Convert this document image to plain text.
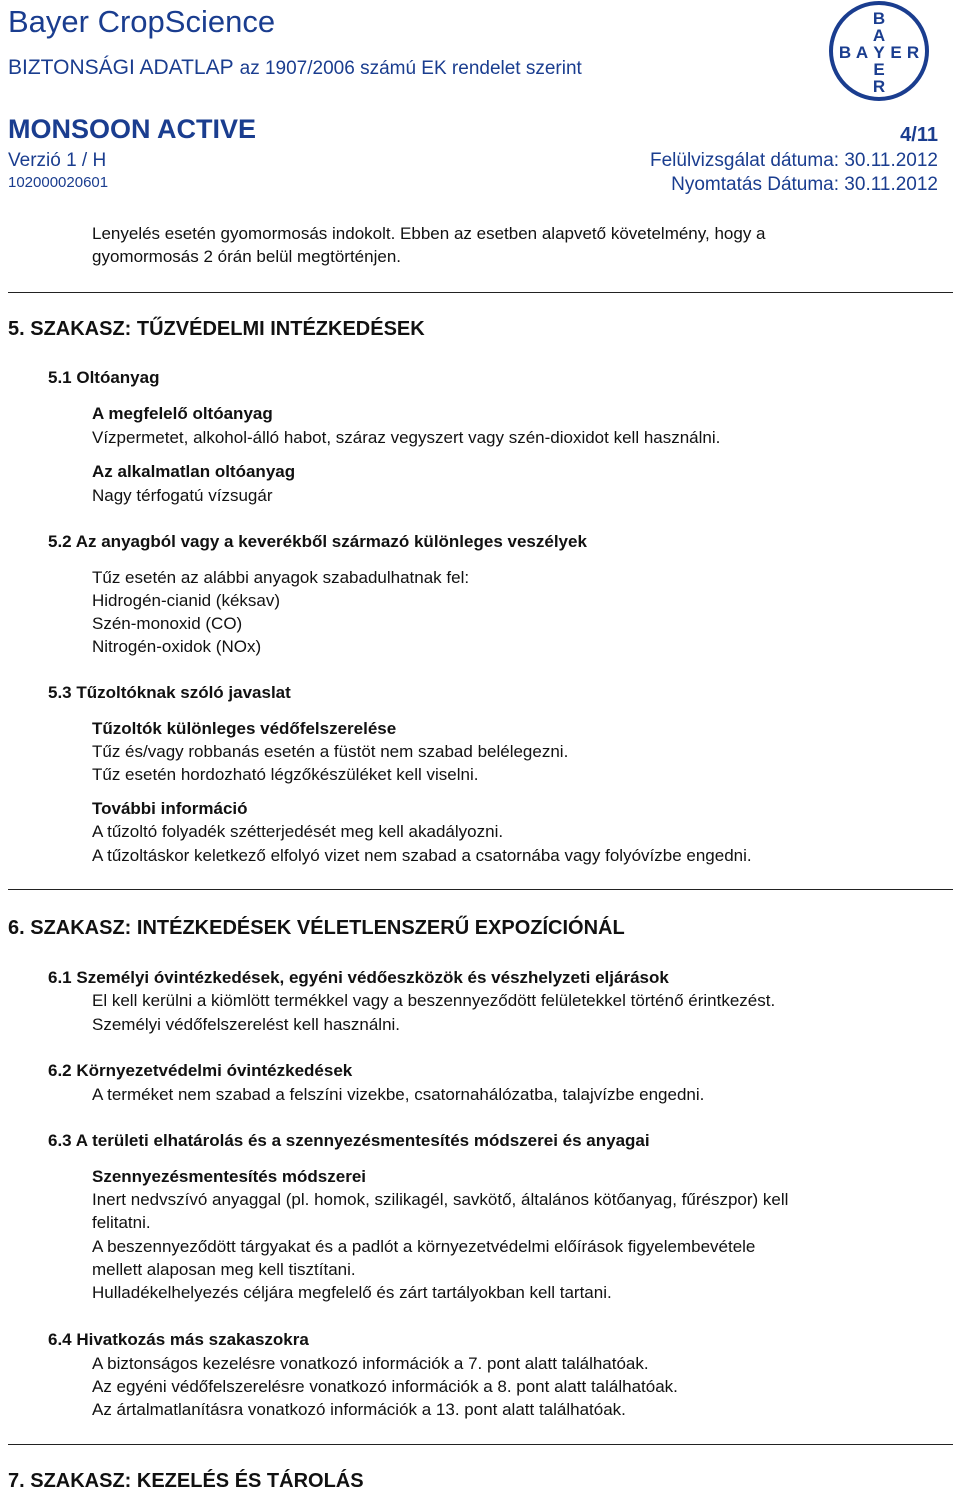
Bayer CropScience
BIZTONSÁGI ADATLAP az 1907/2006 számú EK rendelet szerint
MONSOON ACTIVE	4/11
Verzió 1 / H	Felülvizsgálat dátuma: 30.11.2012
102000020601	Nyomtatás Dátuma: 30.11.2012
B
A
B A Y E R
E
R
Lenyelés esetén gyomormosás indokolt. Ebben az esetben alapvető követelmény, hogy a
gyomormosás 2 órán belül megtörténjen.
5. SZAKASZ: TŰZVÉDELMI INTÉZKEDÉSEK
5.1 Oltóanyag
A megfelelő oltóanyag
Vízpermetet, alkohol-álló habot, száraz vegyszert vagy szén-dioxidot kell használni.
Az alkalmatlan oltóanyag
Nagy térfogatú vízsugár
5.2 Az anyagból vagy a keverékből származó különleges veszélyek
Tűz esetén az alábbi anyagok szabadulhatnak fel:
Hidrogén-cianid (kéksav)
Szén-monoxid (CO)
Nitrogén-oxidok (NOx)
5.3 Tűzoltóknak szóló javaslat
Tűzoltók különleges védőfelszerelése
Tűz és/vagy robbanás esetén a füstöt nem szabad belélegezni.
Tűz esetén hordozható légzőkészüléket kell viselni.
További információ
A tűzoltó folyadék szétterjedését meg kell akadályozni.
A tűzoltáskor keletkező elfolyó vizet nem szabad a csatornába vagy folyóvízbe engedni.
6. SZAKASZ: INTÉZKEDÉSEK VÉLETLENSZERŰ EXPOZÍCIÓNÁL
6.1 Személyi óvintézkedések, egyéni védőeszközök és vészhelyzeti eljárások
El kell kerülni a kiömlött termékkel vagy a beszennyeződött felületekkel történő érintkezést.
Személyi védőfelszerelést kell használni.
6.2 Környezetvédelmi óvintézkedések
A terméket nem szabad a felszíni vizekbe, csatornahálózatba, talajvízbe engedni.
6.3 A területi elhatárolás és a szennyezésmentesítés módszerei és anyagai
Szennyezésmentesítés módszerei
Inert nedvszívó anyaggal (pl. homok, szilikagél, savkötő, általános kötőanyag, fűrészpor) kell
felitatni.
A beszennyeződött tárgyakat és a padlót a környezetvédelmi előírások figyelembevétele
mellett alaposan meg kell tisztítani.
Hulladékelhelyezés céljára megfelelő és zárt tartályokban kell tartani.
6.4 Hivatkozás más szakaszokra
A biztonságos kezelésre vonatkozó információk a 7. pont alatt találhatóak.
Az egyéni védőfelszerelésre vonatkozó információk a 8. pont alatt találhatóak.
Az ártalmatlanításra vonatkozó információk a 13. pont alatt találhatóak.
7. SZAKASZ: KEZELÉS ÉS TÁROLÁS
